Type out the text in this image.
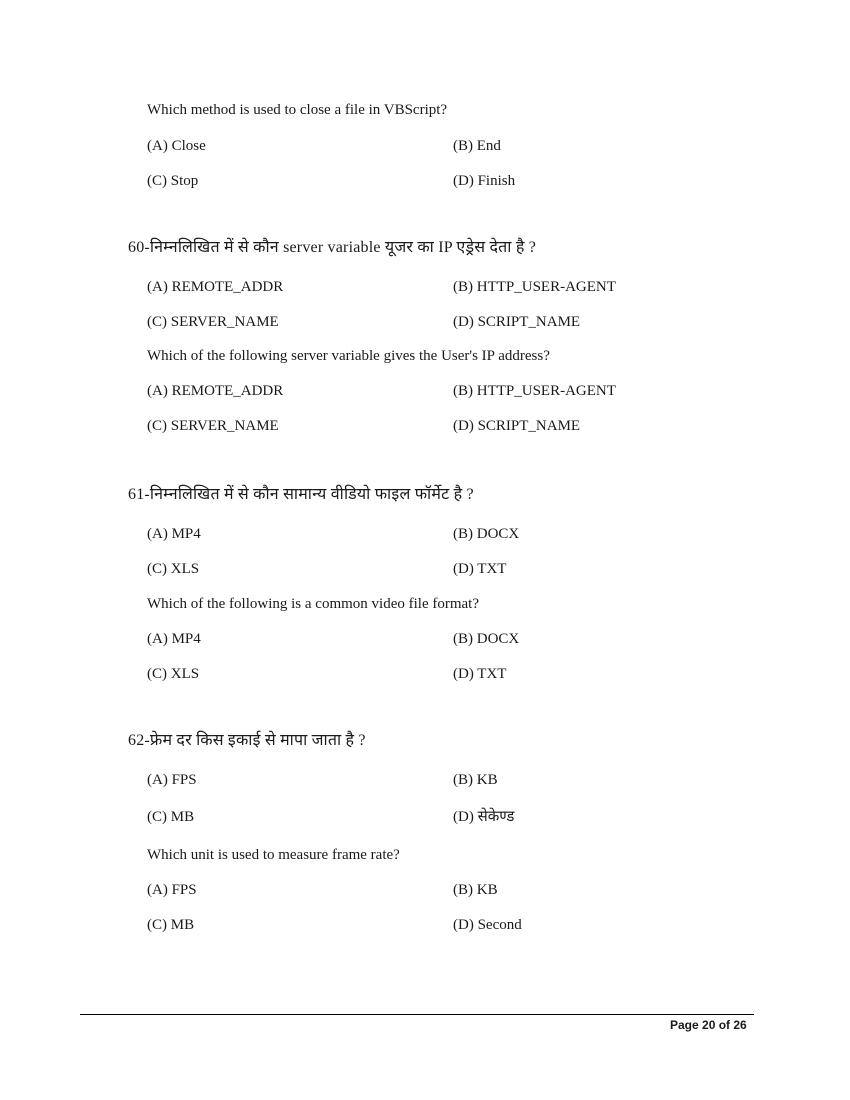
Which method is used to close a file in VBScript?
(A) Close	(B) End
(C) Stop	(D) Finish
60-निम्नलिखित में से कौन server variable यूजर का IP एड्रेस देता है ?
(A) REMOTE_ADDR	(B) HTTP_USER-AGENT
(C) SERVER_NAME	(D) SCRIPT_NAME
Which of the following server variable gives the User's IP address?
(A) REMOTE_ADDR	(B) HTTP_USER-AGENT
(C) SERVER_NAME	(D) SCRIPT_NAME
61-निम्नलिखित में से कौन सामान्य वीडियो फाइल फॉर्मेट है ?
(A) MP4	(B) DOCX
(C) XLS	(D) TXT
Which of the following is a common video file format?
(A) MP4	(B) DOCX
(C) XLS	(D) TXT
62-फ्रेम दर किस इकाई से मापा जाता है ?
(A) FPS	(B) KB
(C) MB	(D) सेकेण्ड
Which unit is used to measure frame rate?
(A) FPS	(B) KB
(C) MB	(D) Second
Page 20 of 26
